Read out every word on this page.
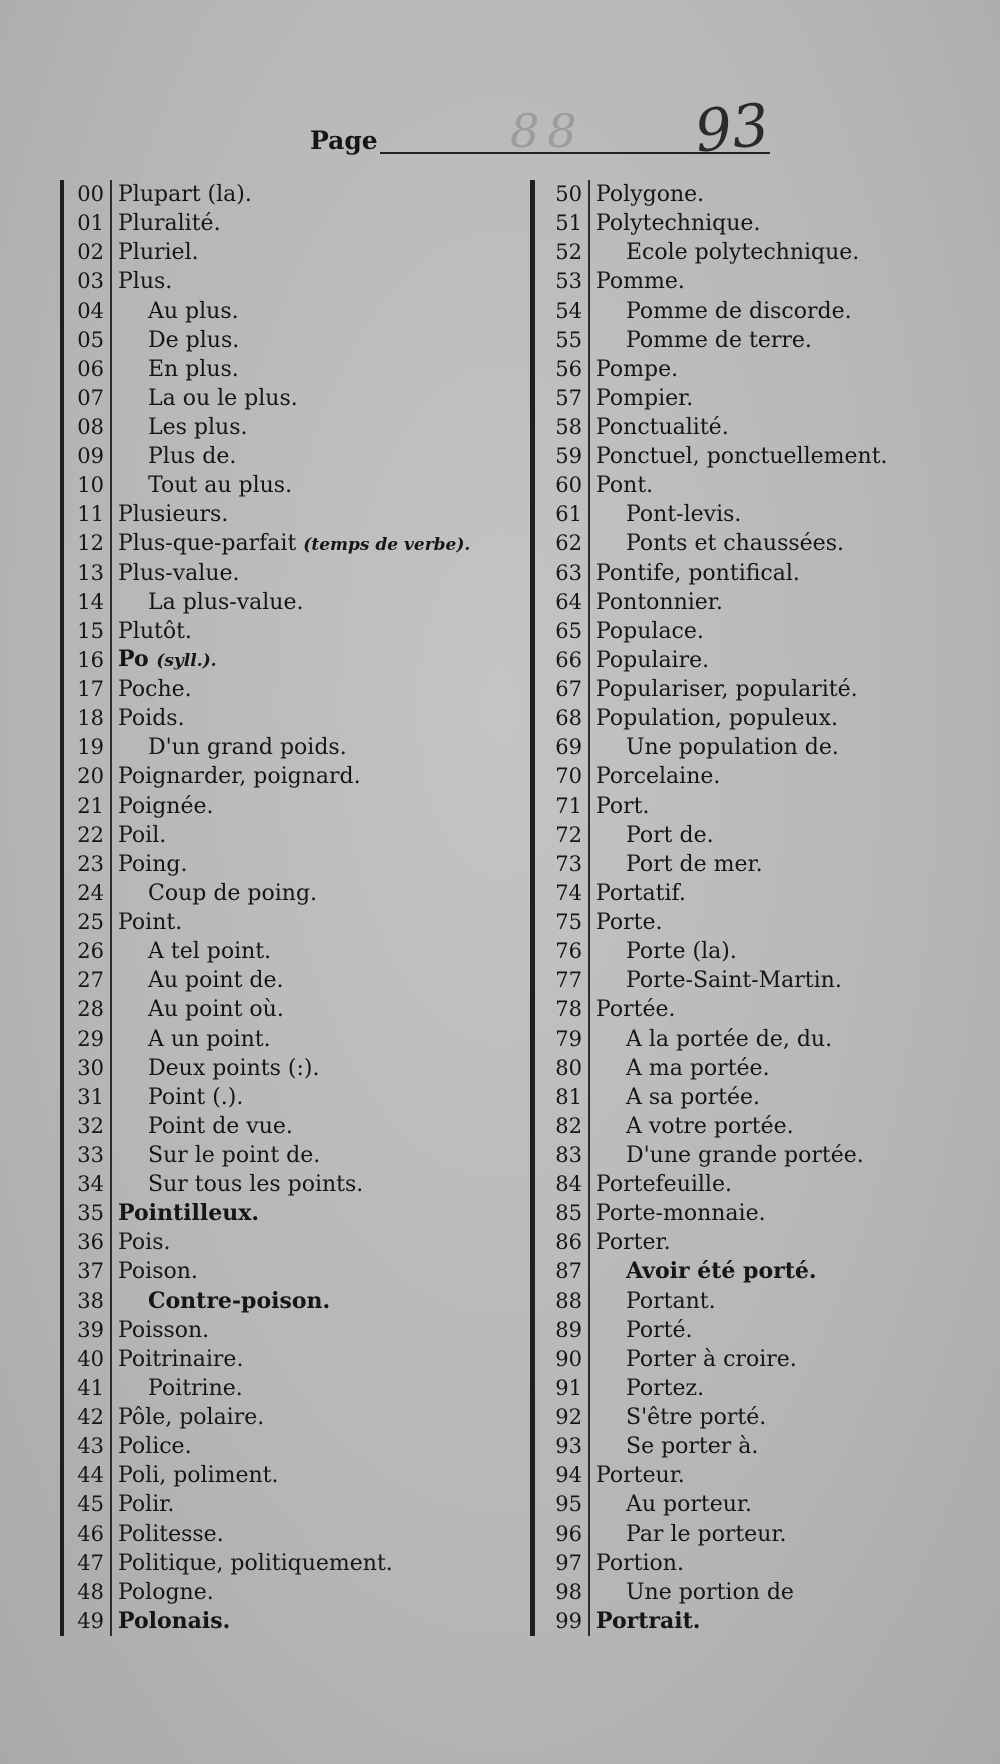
Page	88 93
00 Plupart (la).
01 Pluralité.
02 Pluriel.
03 Plus.
04	Au plus.
05	De plus.
06	En plus.
07	La ou le plus.
08	Les plus.
09	Plus de.
10	Tout au plus.
11 Plusieurs.
12 Plus-que-parfait (temps de verbe).
13 Plus-value.
14	La plus-value.
15 Plutôt.
16 Po (syll.).
17 Poche.
18 Poids.
19	D'un grand poids.
20 Poignarder, poignard.
21 Poignée.
22 Poil.
23 Poing.
24	Coup de poing.
25 Point.
26	A tel point.
27	Au point de.
28	Au point où.
29	A un point.
30	Deux points (:).
31	Point (.).
32	Point de vue.
33	Sur le point de.
34	Sur tous les points.
35 Pointilleux.
36 Pois.
37 Poison.
38	Contre-poison.
39 Poisson.
40 Poitrinaire.
41	Poitrine.
42 Pôle, polaire.
43 Police.
44 Poli, poliment.
45 Polir.
46 Politesse.
47 Politique, politiquement.
48 Pologne.
49 Polonais.
50 Polygone.
51 Polytechnique.
52	Ecole polytechnique.
53 Pomme.
54	Pomme de discorde.
55	Pomme de terre.
56 Pompe.
57 Pompier.
58 Ponctualité.
59 Ponctuel, ponctuellement.
60 Pont.
61	Pont-levis.
62	Ponts et chaussées.
63 Pontife, pontifical.
64 Pontonnier.
65 Populace.
66 Populaire.
67 Populariser, popularité.
68 Population, populeux.
69	Une population de.
70 Porcelaine.
71 Port.
72	Port de.
73	Port de mer.
74 Portatif.
75 Porte.
76	Porte (la).
77	Porte-Saint-Martin.
78 Portée.
79	A la portée de, du.
80	A ma portée.
81	A sa portée.
82	A votre portée.
83	D'une grande portée.
84 Portefeuille.
85 Porte-monnaie.
86 Porter.
87	Avoir été porté.
88	Portant.
89	Porté.
90	Porter à croire.
91	Portez.
92	S'être porté.
93	Se porter à.
94 Porteur.
95	Au porteur.
96	Par le porteur.
97 Portion.
98	Une portion de
99 Portrait.
